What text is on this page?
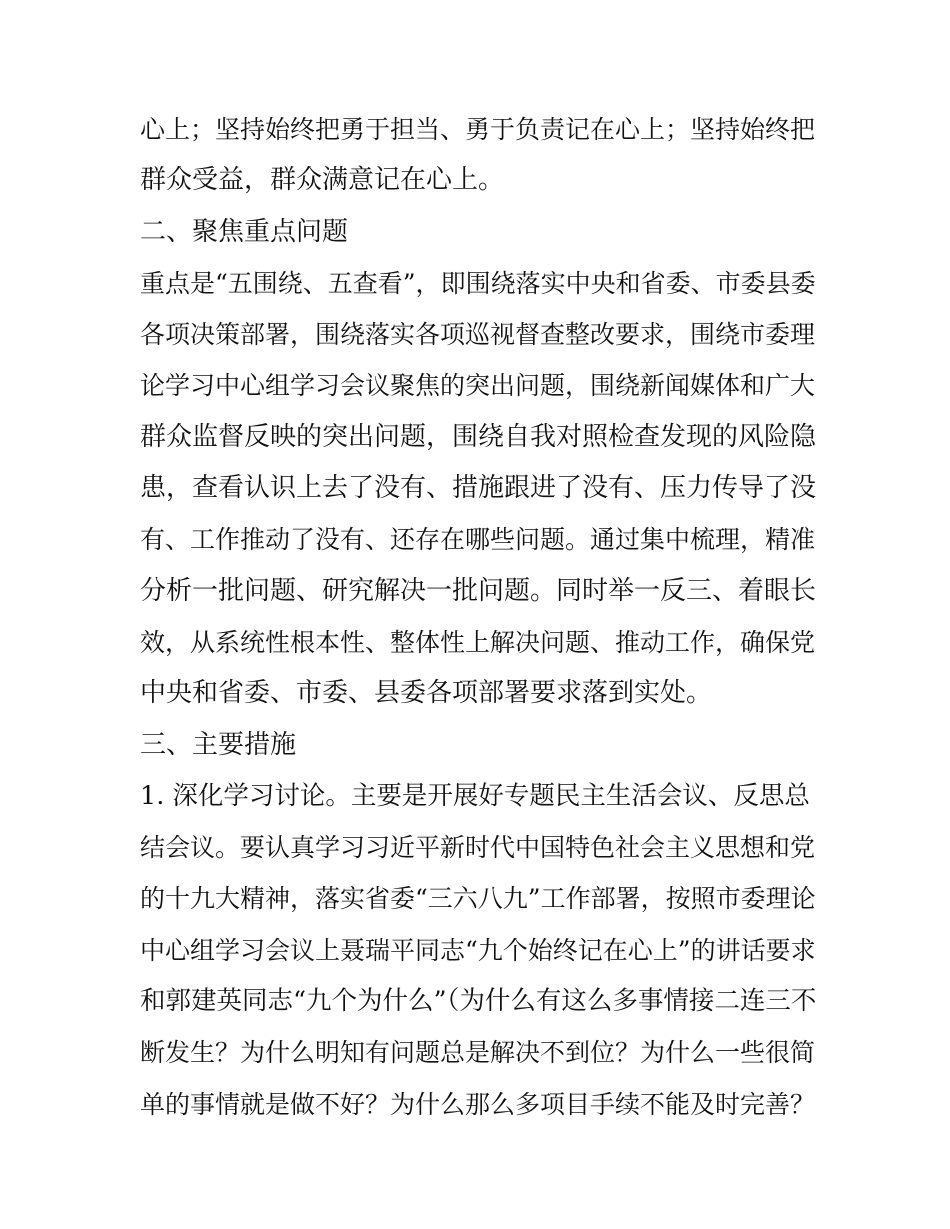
心上；坚持始终把勇于担当、勇于负责记在心上；坚持始终把
群众受益，群众满意记在心上。
二、聚焦重点问题
重点是“五围绕、五查看”，即围绕落实中央和省委、市委县委
各项决策部署，围绕落实各项巡视督查整改要求，围绕市委理
论学习中心组学习会议聚焦的突出问题，围绕新闻媒体和广大
群众监督反映的突出问题，围绕自我对照检查发现的风险隐
患，查看认识上去了没有、措施跟进了没有、压力传导了没
有、工作推动了没有、还存在哪些问题。通过集中梳理，精准
分析一批问题、研究解决一批问题。同时举一反三、着眼长
效，从系统性根本性、整体性上解决问题、推动工作，确保党
中央和省委、市委、县委各项部署要求落到实处。
三、主要措施
1. 深化学习讨论。主要是开展好专题民主生活会议、反思总
结会议。要认真学习习近平新时代中国特色社会主义思想和党
的十九大精神，落实省委“三六八九”工作部署，按照市委理论
中心组学习会议上聂瑞平同志“九个始终记在心上”的讲话要求
和郭建英同志“九个为什么”（为什么有这么多事情接二连三不
断发生？为什么明知有问题总是解决不到位？为什么一些很简
单的事情就是做不好？为什么那么多项目手续不能及时完善？
